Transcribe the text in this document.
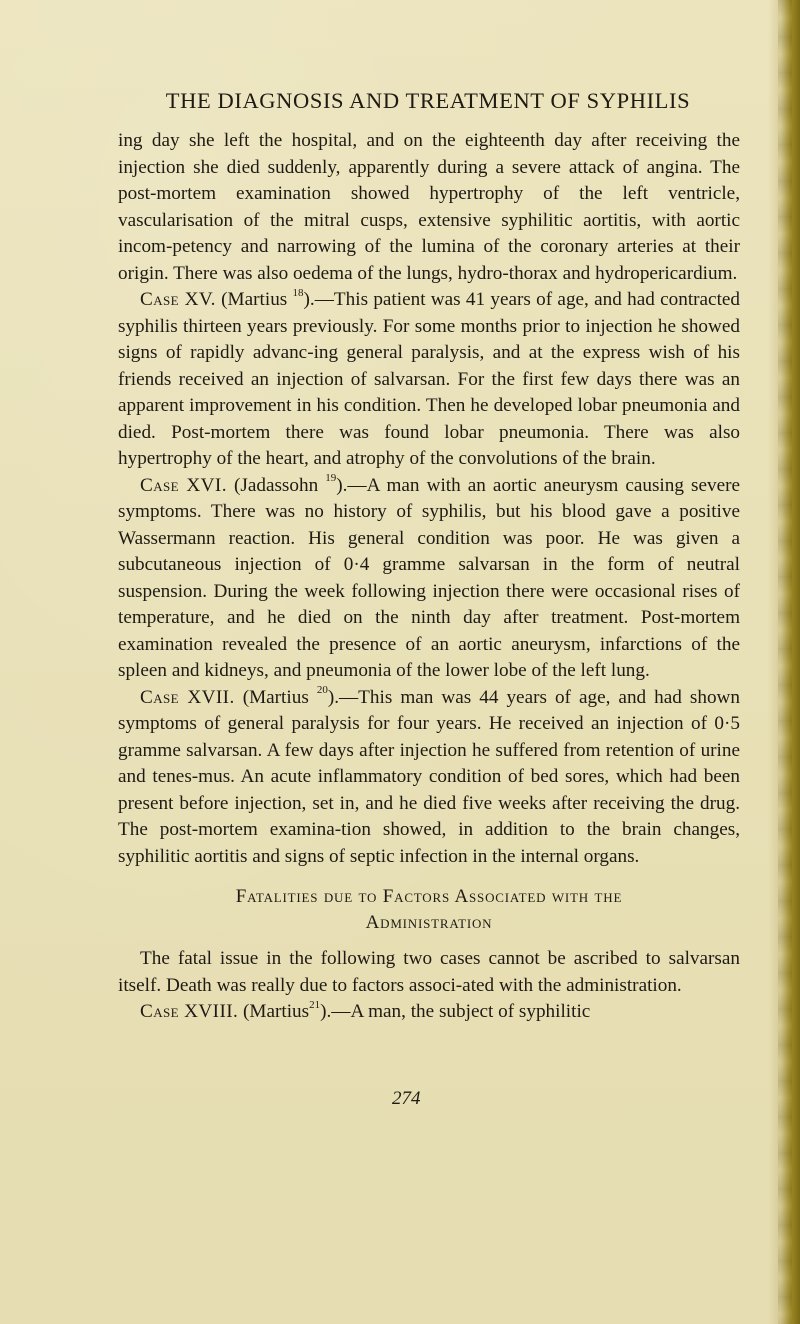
THE DIAGNOSIS AND TREATMENT OF SYPHILIS

ing day she left the hospital, and on the eighteenth day after receiving the injection she died suddenly, apparently during a severe attack of angina. The post-mortem examination showed hypertrophy of the left ventricle, vascularisation of the mitral cusps, extensive syphilitic aortitis, with aortic incom-petency and narrowing of the lumina of the coronary arteries at their origin. There was also oedema of the lungs, hydro-thorax and hydropericardium.

Case XV. (Martius $^{18}$).—This patient was 41 years of age, and had contracted syphilis thirteen years previously. For some months prior to injection he showed signs of rapidly advanc-ing general paralysis, and at the express wish of his friends received an injection of salvarsan. For the first few days there was an apparent improvement in his condition. Then he developed lobar pneumonia and died. Post-mortem there was found lobar pneumonia. There was also hypertrophy of the heart, and atrophy of the convolutions of the brain.

Case XVI. (Jadassohn $^{19}$).—A man with an aortic aneurysm causing severe symptoms. There was no history of syphilis, but his blood gave a positive Wassermann reaction. His general condition was poor. He was given a subcutaneous injection of 0·4 gramme salvarsan in the form of neutral suspension. During the week following injection there were occasional rises of temperature, and he died on the ninth day after treatment. Post-mortem examination revealed the presence of an aortic aneurysm, infarctions of the spleen and kidneys, and pneumonia of the lower lobe of the left lung.

Case XVII. (Martius $^{20}$).—This man was 44 years of age, and had shown symptoms of general paralysis for four years. He received an injection of 0·5 gramme salvarsan. A few days after injection he suffered from retention of urine and tenes-mus. An acute inflammatory condition of bed sores, which had been present before injection, set in, and he died five weeks after receiving the drug. The post-mortem examina-tion showed, in addition to the brain changes, syphilitic aortitis and signs of septic infection in the internal organs.

Fatalities due to Factors Associated with the
Administration

The fatal issue in the following two cases cannot be ascribed to salvarsan itself. Death was really due to factors associ-ated with the administration.

Case XVIII. (Martius$^{21}$).—A man, the subject of syphilitic

274
